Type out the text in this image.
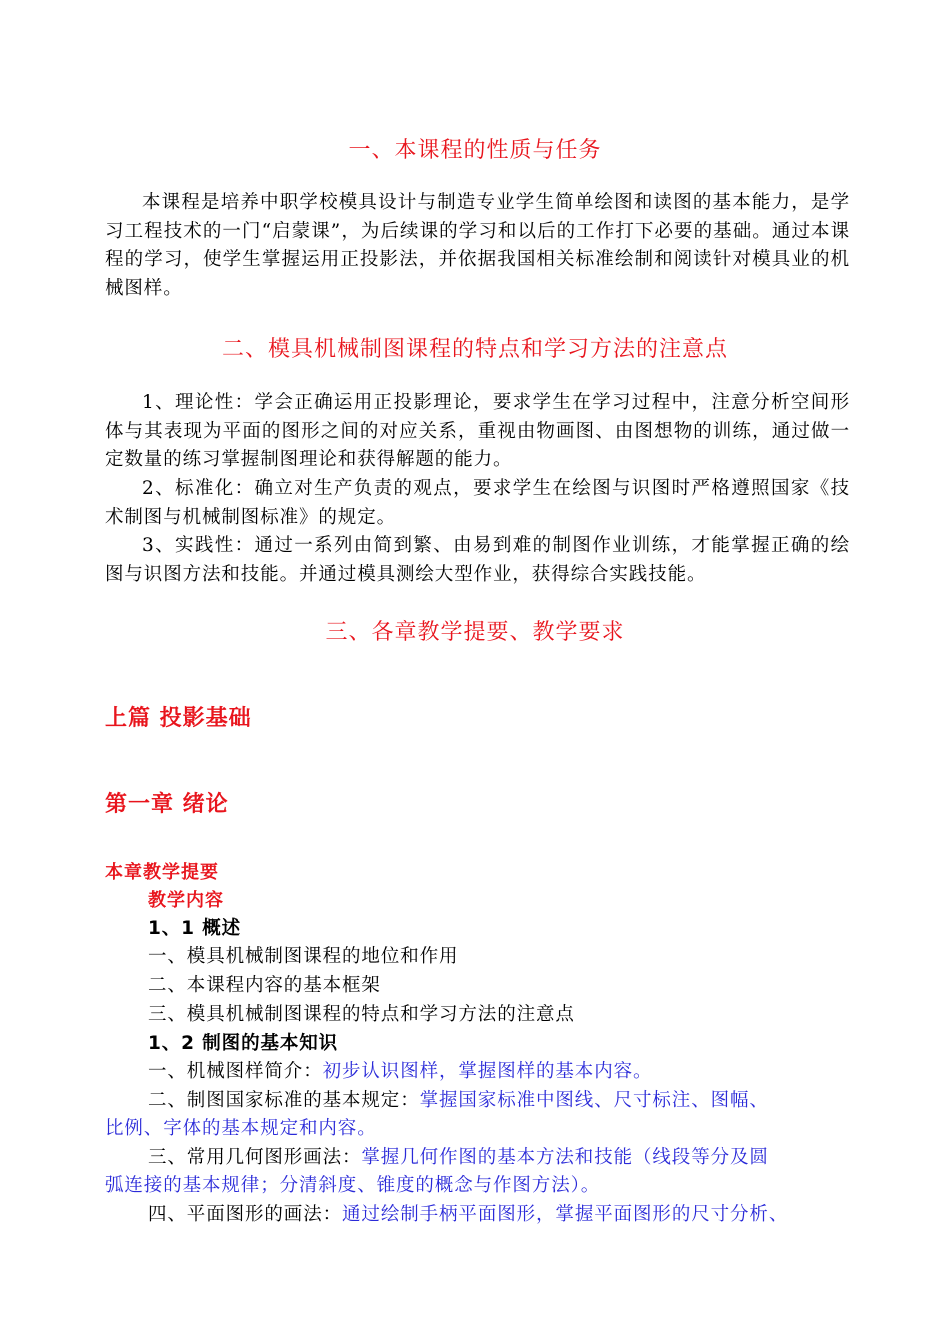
一、本课程的性质与任务
本课程是培养中职学校模具设计与制造专业学生简单绘图和读图的基本能力，是学习工程技术的一门“启蒙课”，为后续课的学习和以后的工作打下必要的基础。通过本课程的学习，使学生掌握运用正投影法，并依据我国相关标准绘制和阅读针对模具业的机械图样。
二、模具机械制图课程的特点和学习方法的注意点
1、理论性：学会正确运用正投影理论，要求学生在学习过程中，注意分析空间形体与其表现为平面的图形之间的对应关系，重视由物画图、由图想物的训练，通过做一定数量的练习掌握制图理论和获得解题的能力。
2、标准化：确立对生产负责的观点，要求学生在绘图与识图时严格遵照国家《技术制图与机械制图标准》的规定。
3、实践性：通过一系列由简到繁、由易到难的制图作业训练，才能掌握正确的绘图与识图方法和技能。并通过模具测绘大型作业，获得综合实践技能。
三、各章教学提要、教学要求
上篇 投影基础
第一章 绪论
本章教学提要
教学内容
1、1 概述
一、模具机械制图课程的地位和作用
二、本课程内容的基本框架
三、模具机械制图课程的特点和学习方法的注意点
1、2 制图的基本知识
一、机械图样简介：初步认识图样，掌握图样的基本内容。
二、制图国家标准的基本规定：掌握国家标准中图线、尺寸标注、图幅、
比例、字体的基本规定和内容。
三、常用几何图形画法：掌握几何作图的基本方法和技能（线段等分及圆
弧连接的基本规律；分清斜度、锥度的概念与作图方法）。
四、平面图形的画法：通过绘制手柄平面图形，掌握平面图形的尺寸分析、
